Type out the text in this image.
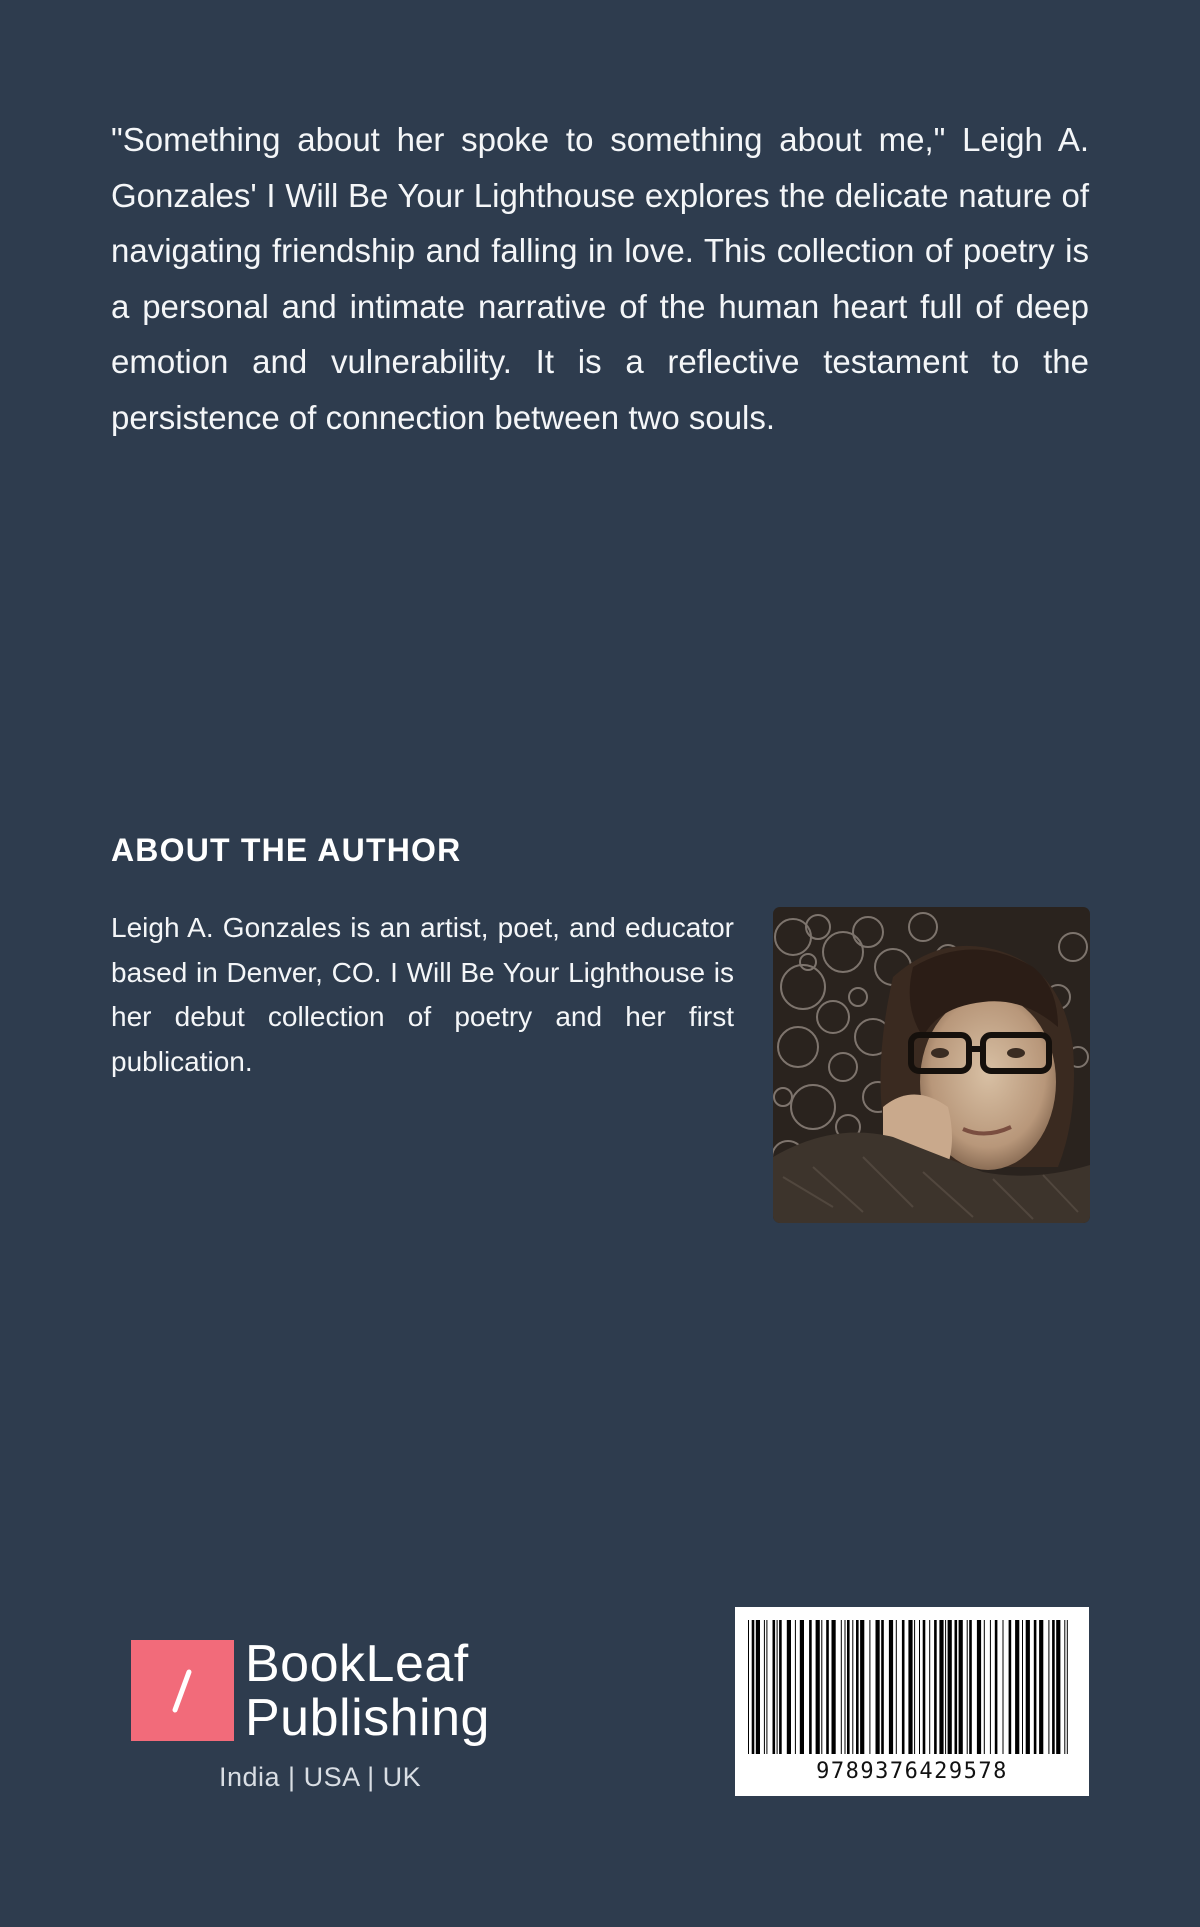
"Something about her spoke to something about me," Leigh A. Gonzales' I Will Be Your Lighthouse explores the delicate nature of navigating friendship and falling in love. This collection of poetry is a personal and intimate narrative of the human heart full of deep emotion and vulnerability. It is a reflective testament to the persistence of connection between two souls.

ABOUT THE AUTHOR

Leigh A. Gonzales is an artist, poet, and educator based in Denver, CO. I Will Be Your Lighthouse is her debut collection of poetry and her first publication.

BookLeaf
Publishing
India | USA | UK	9789376429578
